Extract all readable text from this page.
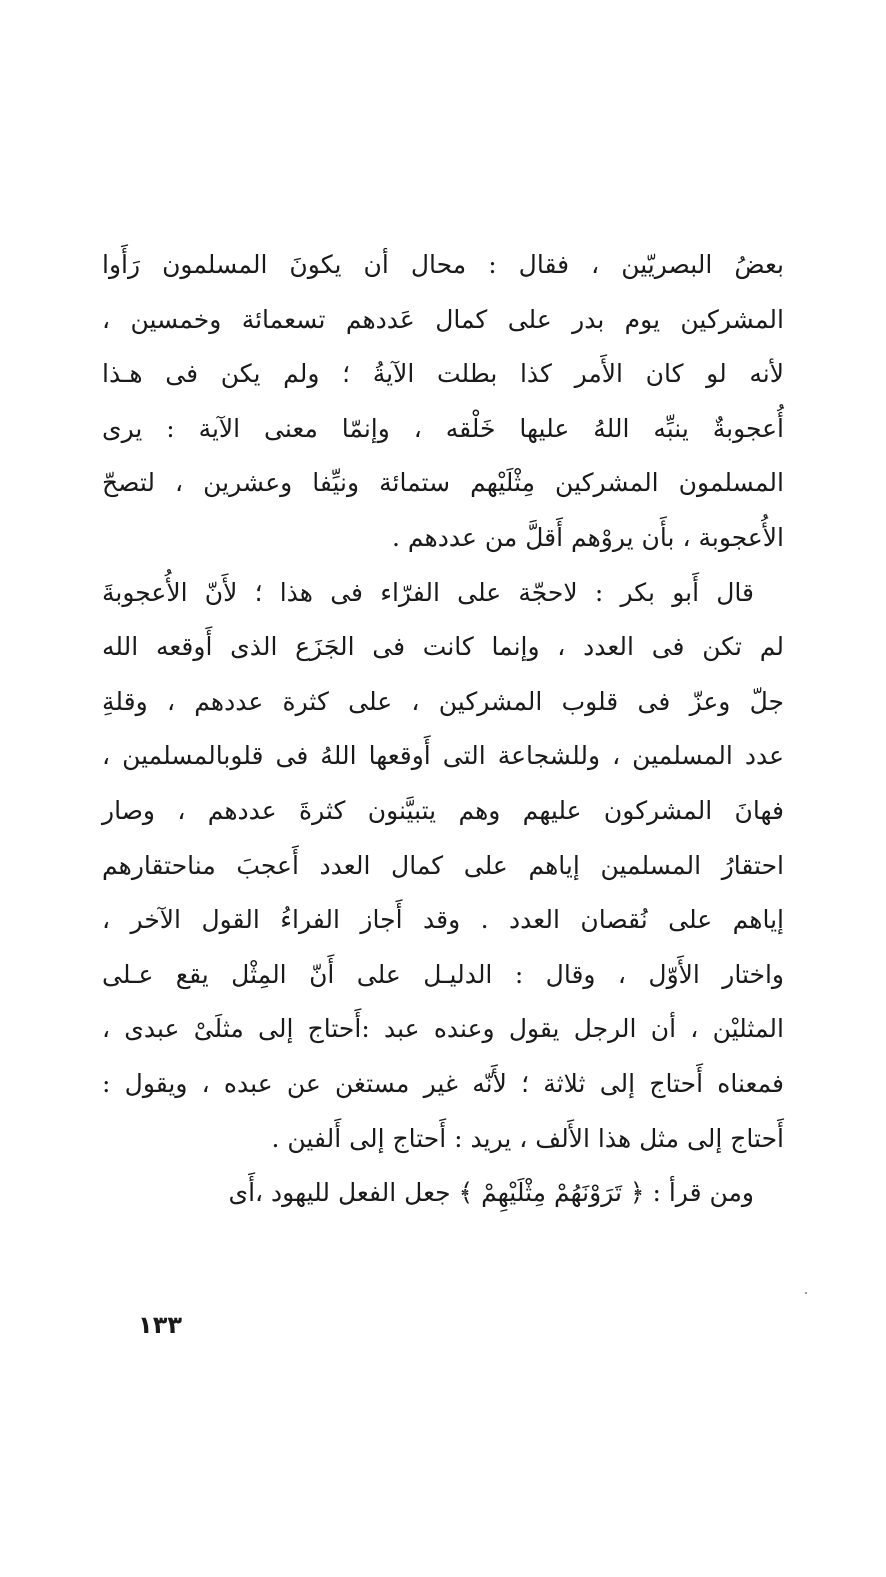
بعضُ البصريّين ، فقال : محال أن يكونَ المسلمون رَأَوا
المشركين يوم بدر على كمال عَددهم تسعمائة وخمسين ،
لأنه لو كان الأَمر كذا بطلت الآيةُ ؛ ولم يكن فى هـذا
أُعجوبةٌ ينبِّه اللهُ عليها خَلْقه ، وإنمّا معنى الآية : يرى
المسلمون المشركين مِثْلَيْهم ستمائة ونيِّفا وعشرين ، لتصحّ
الأُعجوبة ، بأَن يروْهم أَقلَّ من عددهم .
قال أَبو بكر : لاحجّة على الفرّاء فى هذا ؛ لأَنّ الأُعجوبةَ
لم تكن فى العدد ، وإنما كانت فى الجَزَع الذى أَوقعه الله
جلّ وعزّ فى قلوب المشركين ، على كثرة عددهم ، وقلةِ
عدد المسلمين ، وللشجاعة التى أَوقعها اللهُ فى قلوبالمسلمين ،
فهانَ المشركون عليهم وهم يتبيَّنون كثرةَ عددهم ، وصار
احتقارُ المسلمين إياهم على كمال العدد أَعجبَ مناحتقارهم
إياهم على نُقصان العدد . وقد أَجاز الفراءُ القول الآخر ،
واختار الأَوّل ، وقال : الدليـل على أَنّ المِثْل يقع عـلى
المثليْن ، أن الرجل يقول وعنده عبد :أَحتاج إلى مثلَىْ عبدى ،
فمعناه أَحتاج إلى ثلاثة ؛ لأَنّه غير مستغن عن عبده ، ويقول :
أَحتاج إلى مثل هذا الأَلف ، يريد : أَحتاج إلى أَلفين .
ومن قرأ : ﴿ تَرَوْنَهُمْ مِثْلَيْهِمْ ﴾ جعل الفعل لليهود ،أَى
١٣٣
